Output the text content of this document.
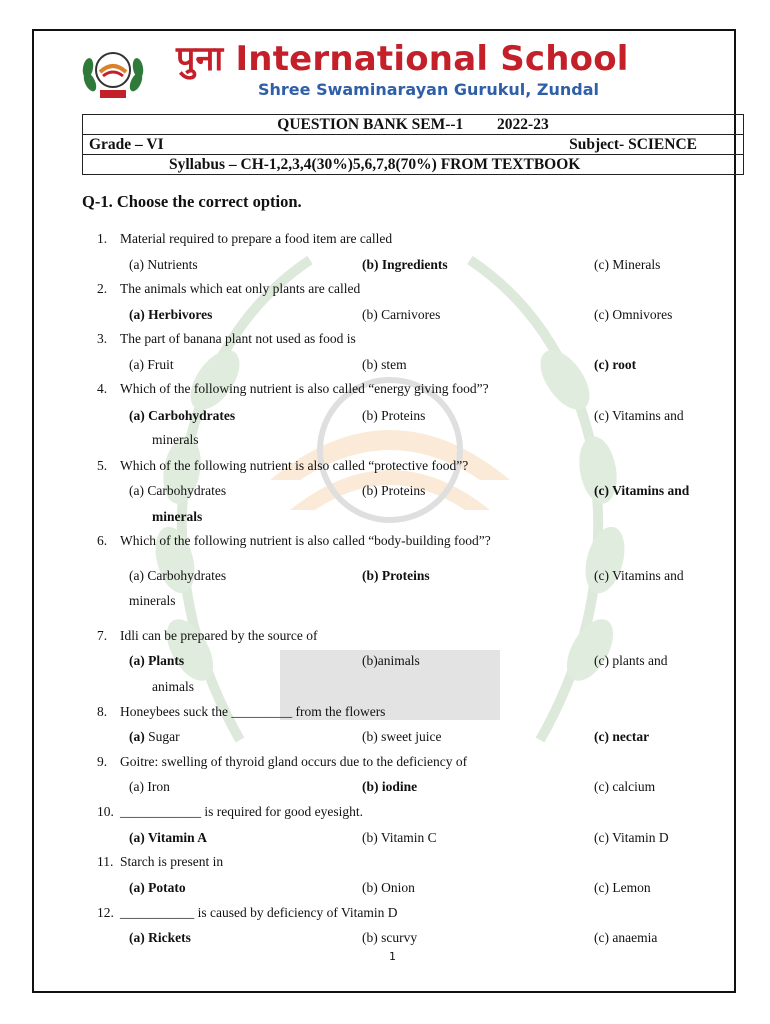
पुना International School
Shree Swaminarayan Gurukul, Zundal
QUESTION BANK SEM--1 2022-23

Grade – VI	Subject- SCIENCE

Syllabus – CH-1,2,3,4(30%)5,6,7,8(70%) FROM TEXTBOOK
Q-1. Choose the correct option.
1. Material required to prepare a food item are called
(a) Nutrients	(b) Ingredients	(c) Minerals
2. The animals which eat only plants are called
(a) Herbivores	(b) Carnivores	(c) Omnivores
3. The part of banana plant not used as food is
(a) Fruit	(b) stem	(c) root
4. Which of the following nutrient is also called “energy giving food”?
(a) Carbohydrates	(b) Proteins	(c) Vitamins and
minerals
5. Which of the following nutrient is also called “protective food”?
(a) Carbohydrates	(b) Proteins	(c) Vitamins and
minerals
6. Which of the following nutrient is also called “body-building food”?
(a) Carbohydrates	(b) Proteins	(c) Vitamins and
minerals
7. Idli can be prepared by the source of
(a) Plants	(b)animals	(c) plants and
animals
8. Honeybees suck the _________ from the flowers
(a) Sugar	(b) sweet juice	(c) nectar
9. Goitre: swelling of thyroid gland occurs due to the deficiency of
(a) Iron	(b) iodine	(c) calcium
10. ____________ is required for good eyesight.
(a) Vitamin A	(b) Vitamin C	(c) Vitamin D
11. Starch is present in
(a) Potato	(b) Onion	(c) Lemon
12. ___________ is caused by deficiency of Vitamin D
(a) Rickets	(b) scurvy	(c) anaemia
1
